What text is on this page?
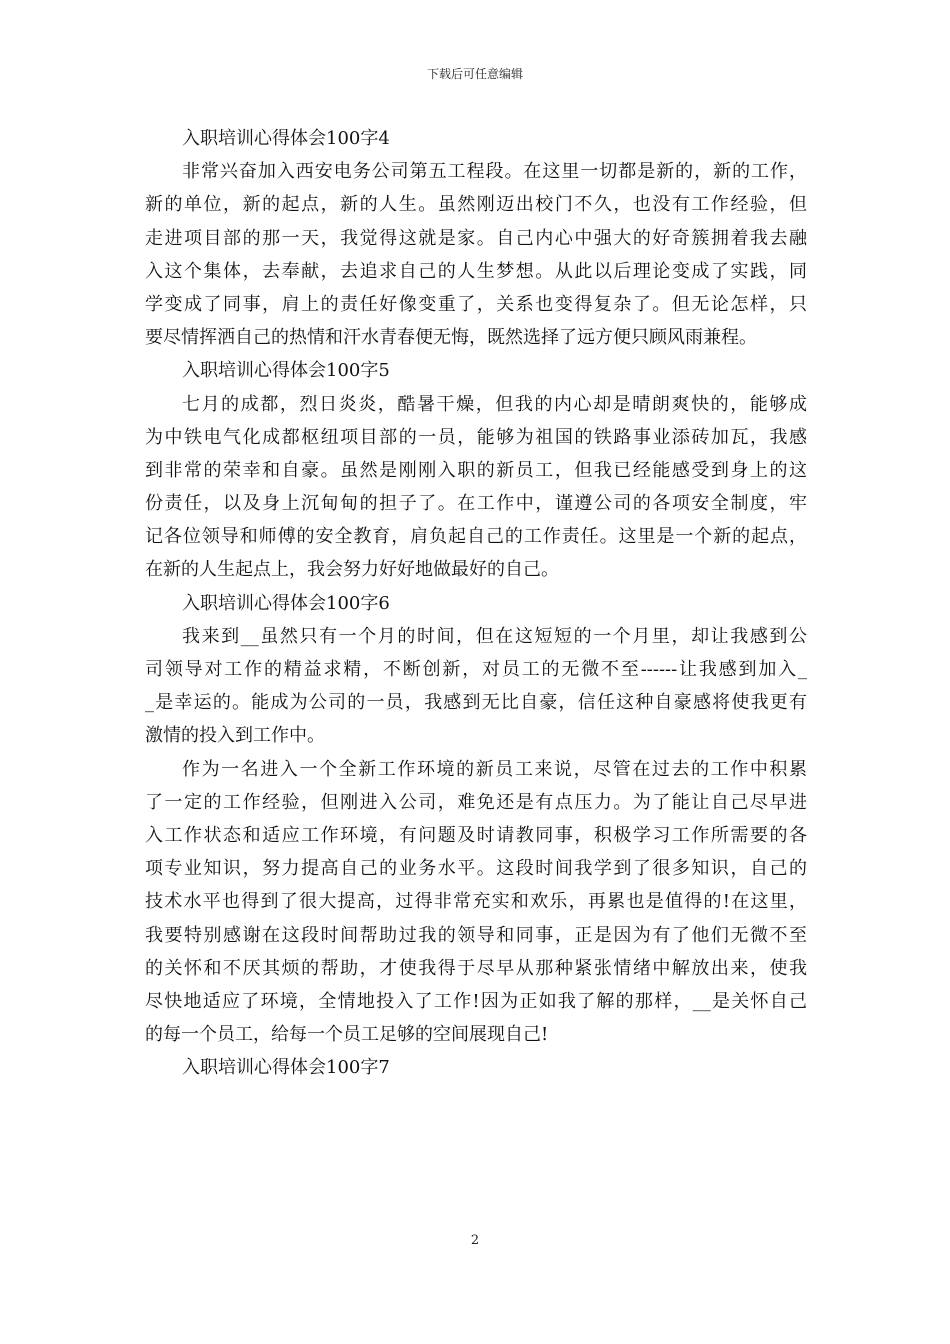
下载后可任意编辑
入职培训心得体会100字4
非常兴奋加入西安电务公司第五工程段。在这里一切都是新的，新的工作，
新的单位，新的起点，新的人生。虽然刚迈出校门不久，也没有工作经验，但
走进项目部的那一天，我觉得这就是家。自己内心中强大的好奇簇拥着我去融
入这个集体，去奉献，去追求自己的人生梦想。从此以后理论变成了实践，同
学变成了同事，肩上的责任好像变重了，关系也变得复杂了。但无论怎样，只
要尽情挥洒自己的热情和汗水青春便无悔，既然选择了远方便只顾风雨兼程。
入职培训心得体会100字5
七月的成都，烈日炎炎，酷暑干燥，但我的内心却是晴朗爽快的，能够成
为中铁电气化成都枢纽项目部的一员，能够为祖国的铁路事业添砖加瓦，我感
到非常的荣幸和自豪。虽然是刚刚入职的新员工，但我已经能感受到身上的这
份责任，以及身上沉甸甸的担子了。在工作中，谨遵公司的各项安全制度，牢
记各位领导和师傅的安全教育，肩负起自己的工作责任。这里是一个新的起点，
在新的人生起点上，我会努力好好地做最好的自己。
入职培训心得体会100字6
我来到__虽然只有一个月的时间，但在这短短的一个月里，却让我感到公
司领导对工作的精益求精，不断创新，对员工的无微不至------让我感到加入_
_是幸运的。能成为公司的一员，我感到无比自豪，信任这种自豪感将使我更有
激情的投入到工作中。
作为一名进入一个全新工作环境的新员工来说，尽管在过去的工作中积累
了一定的工作经验，但刚进入公司，难免还是有点压力。为了能让自己尽早进
入工作状态和适应工作环境，有问题及时请教同事，积极学习工作所需要的各
项专业知识，努力提高自己的业务水平。这段时间我学到了很多知识，自己的
技术水平也得到了很大提高，过得非常充实和欢乐，再累也是值得的!在这里，
我要特别感谢在这段时间帮助过我的领导和同事，正是因为有了他们无微不至
的关怀和不厌其烦的帮助，才使我得于尽早从那种紧张情绪中解放出来，使我
尽快地适应了环境，全情地投入了工作!因为正如我了解的那样，__是关怀自己
的每一个员工，给每一个员工足够的空间展现自己!
入职培训心得体会100字7
2
